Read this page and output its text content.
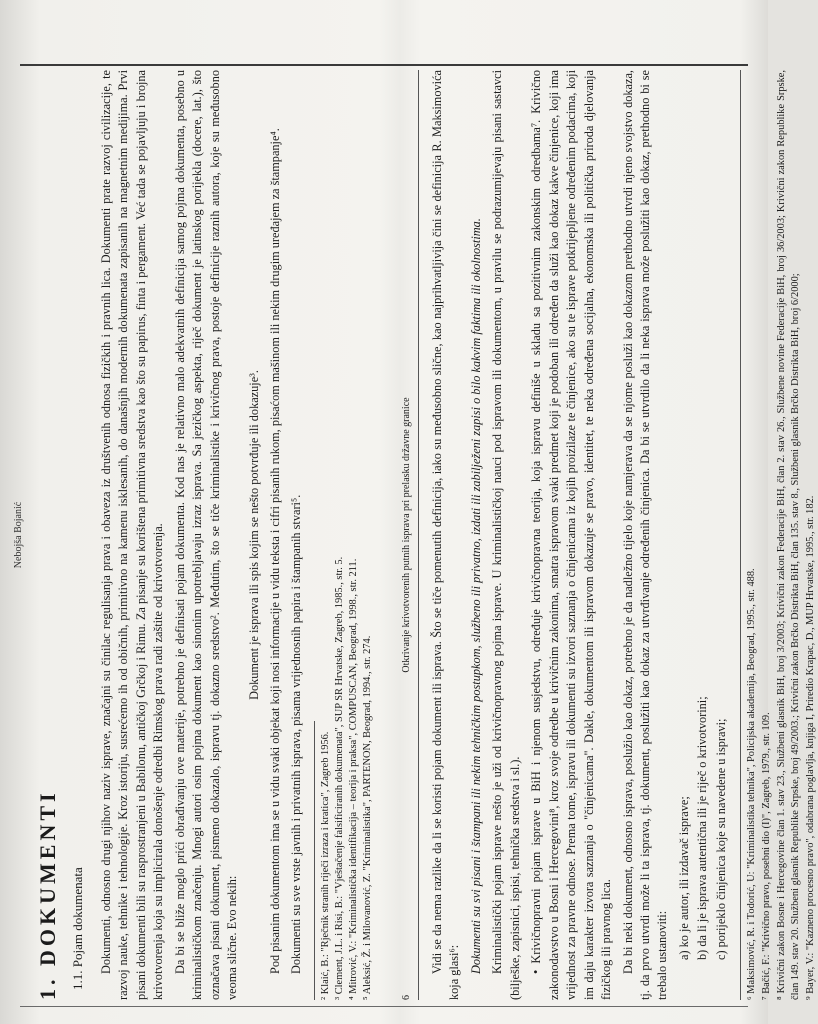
Nebojša Bojanić
1. DOKUMENTI 1.1. Pojam dokumenata Dokumenti, odnosno drugi njihov naziv isprave, značajni su činilac regulisanja prava i obaveza iz društvenih odnosa fizičkih i pravnih lica. Dokumenti prate razvoj civilizacije, te razvoj nauke, tehnike i tehnologije. Kroz istoriju, susrećemo ih od običnih, primitivno na kamenu isklesanih, do današnjih modernih dokumenata zapisanih na magnetnim medijima. Prvi pisani dokumenti bili su rasprostranjeni u Babilonu, antičkoj Grčkoj i Rimu. Za pisanje su korištena primitivna sredstva kao što su papirus, finta i pergament. Već tada se pojavljuju i brojna krivotvorenja koja su implicirala donošenje odredbi Rimskog prava radi zaštite od krivotvorenja. Da bi se bliže moglo prići obrađivanju ove materije, potrebno je definisati pojam dokumenta. Kod nas je relativno malo adekvatnih definicija samog pojma dokumenta, posebno u kriminalističkom značenju. Mnogi autori osim pojma dokument kao sinonim upotrebljavaju izraz isprava. Sa jezičkog aspekta, riječ dokument je latinskog porijekla (docere, lat.), što označava pisani dokument, pismeno dokazalo, ispravu tj. dokazno sredstvo². Međutim, što se tiče kriminalistike i krivičnog prava, postoje definicije raznih autora, koje su međusobno veoma slične. Evo nekih:

Dokument je isprava ili spis kojim se nešto potvrđuje ili dokazuje³. Pod pisanim dokumentom ima se u vidu svaki objekat koji nosi informacije u vidu teksta i cifri pisanih rukom, pisaćom mašinom ili nekim drugim uređajem za štampanje⁴. Dokumenti su sve vrste javnih i privatnih isprava, pisama vrijednosnih papira i štampanih stvari⁵. ² Klaić, B.: "Rječnik stranih riječi izraza i kratica", Zagreb 1956. ³ Clement, J.L. i Risi, B.: "Vještačenje falsificiranih dokumenata", SUP SR Hrvatske, Zagreb, 1985., str. 5. ⁴ Mitrović, V.: "Kriminalistička identifikacija – teorija i praksa", COMPUSCAN, Beograd, 1998., str. 211. ⁵ Aleksić, Ž. i Milovanović, Z. "Kriminalistika", PARTENON, Beograd, 1994., str. 274.	6
Otkrivanje krivotvorenih putnih isprava pri prelasku državne granice Vidi se da nema razlike da li se koristi pojam dokument ili isprava. Što se tiče pomenutih definicija, iako su međusobno slične, kao najprihvatljivija čini se definicija R. Maksimovića koja glasi⁶: Dokumenti su svi pisani i štampani ili nekim tehničkim postupkom, službeno ili privatno, izdati ili zabilježeni zapisi o bilo kakvim faktima ili okolnostima. Kriminalistički pojam isprave nešto je uži od krivičnopravnog pojma isprave. U kriminalističkoj nauci pod ispravom ili dokumentom, u pravilu se podrazumijevaju pisani sastavci (bilješke, zapisnici, ispisi, tehnička sredstva i sl.). • Krivičnopravni pojam isprave u BiH i njenom susjedstvu, određuje krivičnopravna teorija, koja ispravu definiše u skladu sa pozitivnim zakonskim odredbama⁷. Krivično zakonodavstvo u Bosni i Hercegovini⁸, kroz svoje odredbe u krivičnim zakonima, smatra ispravom svaki predmet koji je podoban ili određen da služi kao dokaz kakve činjenice, koji ima vrijednost za pravne odnose. Prema tome, ispravu ili dokumenti su izvori saznanja o činjenicama iz kojih proizilaze te činjenice, ako su te isprave potkrijepljene određenim podacima, koji im daju karakter izvora saznanja o "činjenicama". Dakle, dokumentom ili ispravom dokazuje se pravo, identitet, te neka određena socijalna, ekonomska ili politička priroda djelovanja fizičkog ili pravnog lica. Da bi neki dokument, odnosno isprava, poslužio kao dokaz, potrebno je da nadležno tijelo koje namjerava da se njome posluži kao dokazom prethodno utvrdi njeno svojstvo dokaza, tj. da prvo utvrdi može li ta isprava, tj. dokument, poslužiti kao dokaz za utvrđivanje određenih činjenica. Da bi se utvrdilo da li neka isprava može poslužiti kao dokaz, prethodno bi se trebalo ustanoviti: a) ko je autor, ili izdavač isprave; b) da li je isprava autentična ili je riječ o krivotvorini; c) porijeklo činjenica koje su navedene u ispravi; ⁶ Maksimović, R. i Todorić, U: "Kriminalistika tehnika", Policijska akademija, Beograd, 1995., str. 488. ⁷ Bačić, F.: "Krivično pravo, posebni dio (I)", Zagreb, 1979., str. 109. ⁸ Krivični zakon Bosne i Hercegovine član 1. stav 23., Službeni glasnik BiH, broj 3/2003; Krivični zakon Federacije BiH, član 2. stav 26., Službene novine Federacije BiH, broj 36/2003; Krivični zakon Republike Srpske, član 149. stav 20. Službeni glasnik Republike Srpske, broj 49/2003.; Krivični zakon Brčko Distrikta BiH, član 135. stav 8., Službeni glasnik Brčko Distrikta BiH, broj 6/2000; ⁹ Bayer, V.: "Kazneno procesno pravo", odabrana poglavlja, knjiga I, Priredio Krapac, D., MUP Hrvatske, 1995., str. 182.
